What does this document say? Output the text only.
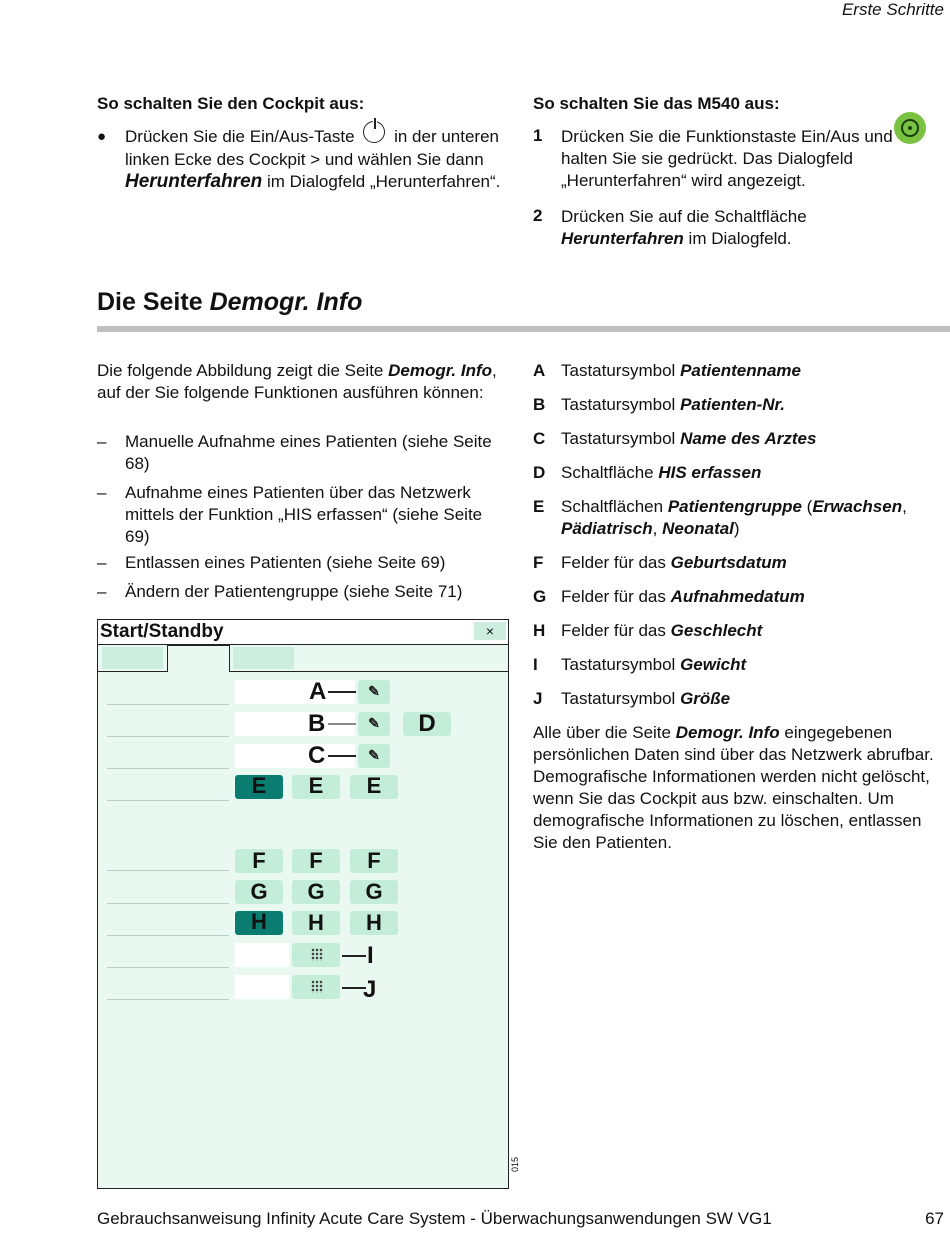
Erste Schritte
So schalten Sie den Cockpit aus:
● Drücken Sie die Ein/Aus-Taste in der unteren linken Ecke des Cockpit > und wählen Sie dann Herunterfahren im Dialogfeld „Herunterfahren“.
So schalten Sie das M540 aus:
1 Drücken Sie die Funktionstaste Ein/Aus und halten Sie sie gedrückt. Das Dialogfeld „Herunterfahren“ wird angezeigt.
2 Drücken Sie auf die Schaltfläche Herunterfahren im Dialogfeld.
Die Seite Demogr. Info
Die folgende Abbildung zeigt die Seite Demogr. Info, auf der Sie folgende Funktionen ausführen können:
– Manuelle Aufnahme eines Patienten (siehe Seite 68)
– Aufnahme eines Patienten über das Netzwerk mittels der Funktion „HIS erfassen“ (siehe Seite 69)
– Entlassen eines Patienten (siehe Seite 69)
– Ändern der Patientengruppe (siehe Seite 71)
A Tastatursymbol Patientenname
B Tastatursymbol Patienten-Nr.
C Tastatursymbol Name des Arztes
D Schaltfläche HIS erfassen
E Schaltflächen Patientengruppe (Erwachsen, Pädiatrisch, Neonatal)
F Felder für das Geburtsdatum
G Felder für das Aufnahmedatum
H Felder für das Geschlecht
I Tastatursymbol Gewicht
J Tastatursymbol Größe
Alle über die Seite Demogr. Info eingegebenen persönlichen Daten sind über das Netzwerk abrufbar. Demografische Informationen werden nicht gelöscht, wenn Sie das Cockpit aus bzw. einschalten. Um demografische Informationen zu löschen, entlassen Sie den Patienten.
Start/Standby	×
A	✎
B	✎	D
C	✎
E	E	E
F	F	F
G	G	G
H	H	H
I
J
015
Gebrauchsanweisung Infinity Acute Care System - Überwachungsanwendungen SW VG1	67
